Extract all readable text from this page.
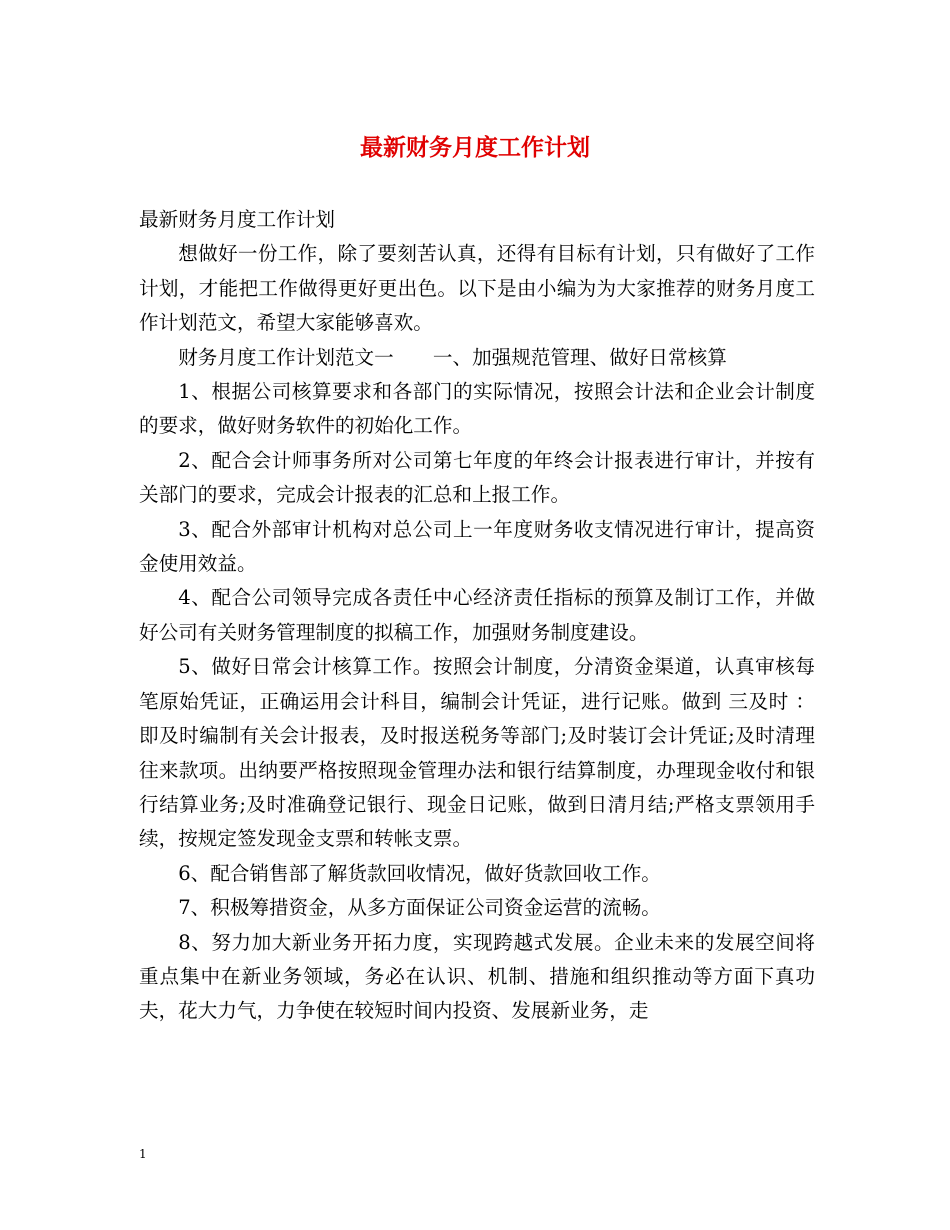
最新财务月度工作计划

最新财务月度工作计划

想做好一份工作，除了要刻苦认真，还得有目标有计划，只有做好了工作计划，才能把工作做得更好更出色。以下是由小编为为大家推荐的财务月度工作计划范文，希望大家能够喜欢。

财务月度工作计划范文一　　一、加强规范管理、做好日常核算

1、根据公司核算要求和各部门的实际情况，按照会计法和企业会计制度的要求，做好财务软件的初始化工作。

2、配合会计师事务所对公司第七年度的年终会计报表进行审计，并按有关部门的要求，完成会计报表的汇总和上报工作。

3、配合外部审计机构对总公司上一年度财务收支情况进行审计，提高资金使用效益。

4、配合公司领导完成各责任中心经济责任指标的预算及制订工作，并做好公司有关财务管理制度的拟稿工作，加强财务制度建设。

5、做好日常会计核算工作。按照会计制度，分清资金渠道，认真审核每笔原始凭证，正确运用会计科目，编制会计凭证，进行记账。做到 三及时 ：即及时编制有关会计报表，及时报送税务等部门;及时装订会计凭证;及时清理往来款项。出纳要严格按照现金管理办法和银行结算制度，办理现金收付和银行结算业务;及时准确登记银行、现金日记账，做到日清月结;严格支票领用手续，按规定签发现金支票和转帐支票。

6、配合销售部了解货款回收情况，做好货款回收工作。

7、积极筹措资金，从多方面保证公司资金运营的流畅。

8、努力加大新业务开拓力度，实现跨越式发展。企业未来的发展空间将重点集中在新业务领域，务必在认识、机制、措施和组织推动等方面下真功夫，花大力气，力争使在较短时间内投资、发展新业务，走

1
